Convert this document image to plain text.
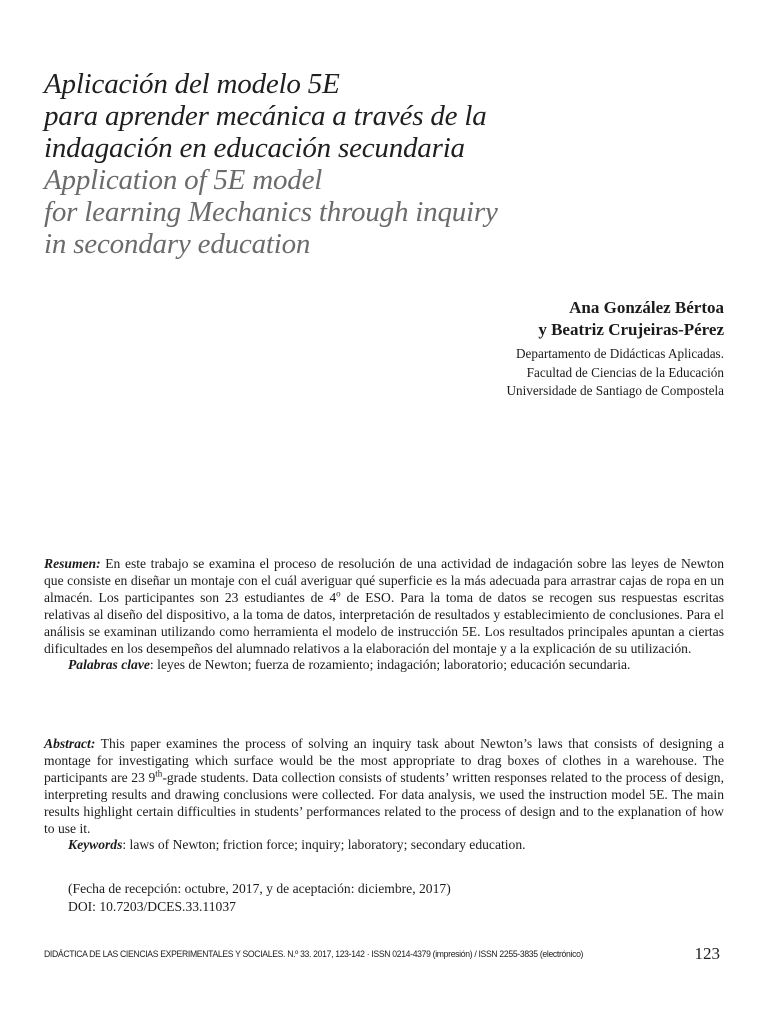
Aplicación del modelo 5E
para aprender mecánica a través de la
indagación en educación secundaria
Application of 5E model
for learning Mechanics through inquiry
in secondary education
Ana González Bértoa
y Beatriz Crujeiras-Pérez
Departamento de Didácticas Aplicadas.
Facultad de Ciencias de la Educación
Universidade de Santiago de Compostela
Resumen: En este trabajo se examina el proceso de resolución de una actividad de indagación sobre las leyes de Newton que consiste en diseñar un montaje con el cuál averiguar qué superficie es la más adecuada para arrastrar cajas de ropa en un almacén. Los participantes son 23 estudiantes de 4$^o$ de ESO. Para la toma de datos se recogen sus respuestas escritas relativas al diseño del dispositivo, a la toma de datos, interpretación de resultados y establecimiento de conclusiones. Para el análisis se examinan utilizando como herramienta el modelo de instrucción 5E. Los resultados principales apuntan a ciertas dificultades en los desempeños del alumnado relativos a la elaboración del montaje y a la explicación de su utilización.
Palabras clave: leyes de Newton; fuerza de rozamiento; indagación; laboratorio; educación secundaria.
Abstract: This paper examines the process of solving an inquiry task about Newton’s laws that consists of designing a montage for investigating which surface would be the most appropriate to drag boxes of clothes in a warehouse. The participants are 23 9th-grade students. Data collection consists of students’ written responses related to the process of design, interpreting results and drawing conclusions were collected. For data analysis, we used the instruction model 5E. The main results highlight certain difficulties in students’ performances related to the process of design and to the explanation of how to use it.
Keywords: laws of Newton; friction force; inquiry; laboratory; secondary education.
(Fecha de recepción: octubre, 2017, y de aceptación: diciembre, 2017)
DOI: 10.7203/DCES.33.11037
DIDÁCTICA DE LAS CIENCIAS EXPERIMENTALES Y SOCIALES. N.º 33. 2017, 123-142 · ISSN 0214-4379 (impresión) / ISSN 2255-3835 (electrónico)	123
